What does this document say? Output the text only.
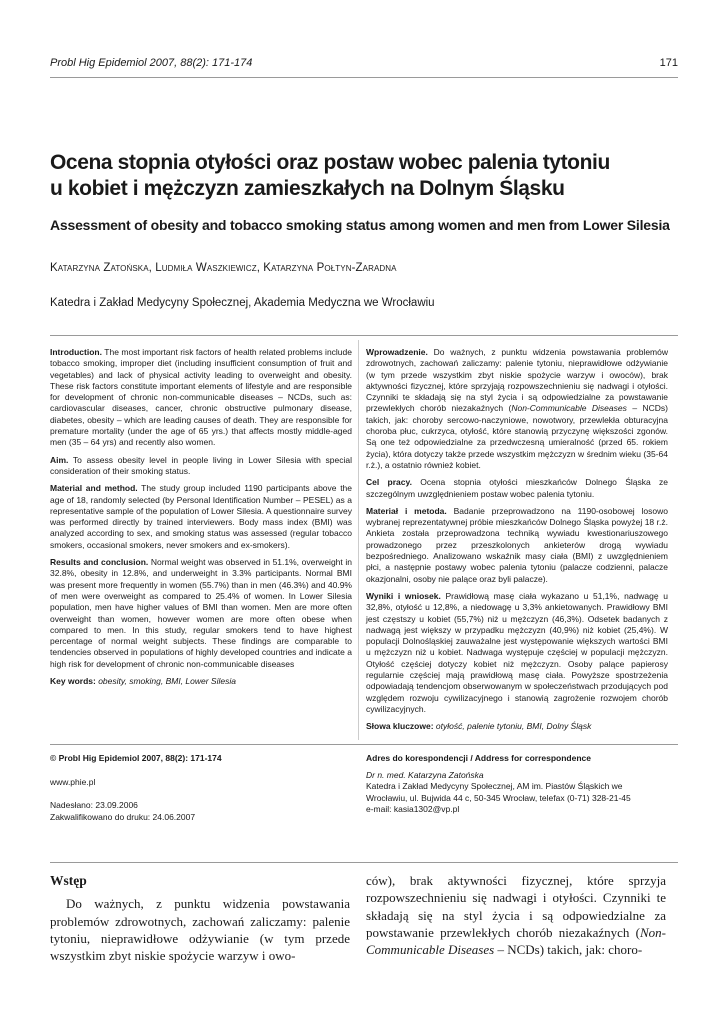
Probl Hig Epidemiol 2007, 88(2): 171-174	171
Ocena stopnia otyłości oraz postaw wobec palenia tytoniu
u kobiet i mężczyzn zamieszkałych na Dolnym Śląsku
Assessment of obesity and tobacco smoking status among women and men from Lower Silesia
Katarzyna Zatońska, Ludmiła Waszkiewicz, Katarzyna Połtyn-Zaradna
Katedra i Zakład Medycyny Społecznej, Akademia Medyczna we Wrocławiu

Introduction. The most important risk factors of health related problems include tobacco smoking, improper diet (including insufficient consumption of fruit and vegetables) and lack of physical activity leading to overweight and obesity. These risk factors constitute important elements of lifestyle and are responsible for development of chronic non-communicable diseases – NCDs, such as: cardiovascular diseases, cancer, chronic obstructive pulmonary disease, diabetes, obesity – which are leading causes of death. They are responsible for premature mortality (under the age of 65 yrs.) that affects mostly middle-aged men (35 – 64 yrs) and recently also women.

Aim. To assess obesity level in people living in Lower Silesia with special consideration of their smoking status.

Material and method. The study group included 1190 participants above the age of 18, randomly selected (by Personal Identification Number – PESEL) as a representative sample of the population of Lower Silesia. A questionnaire survey was performed directly by trained interviewers. Body mass index (BMI) was analyzed according to sex, and smoking status was assessed (regular tobacco smokers, occasional smokers, never smokers and ex-smokers).

Results and conclusion. Normal weight was observed in 51.1%, overweight in 32.8%, obesity in 12.8%, and underweight in 3.3% participants. Normal BMI was present more frequently in women (55.7%) than in men (46.3%) and 40.9% of men were overweight as compared to 25.4% of women. In Lower Silesia population, men have higher values of BMI than women. Men are more often overweight than women, however women are more often obese when compared to men. In this study, regular smokers tend to have highest percentage of normal weight subjects. These findings are comparable to tendencies observed in populations of highly developed countries and indicate a high risk for development of chronic non-communicable diseases

Key words: obesity, smoking, BMI, Lower Silesia

Wprowadzenie. Do ważnych, z punktu widzenia powstawania problemów zdrowotnych, zachowań zaliczamy: palenie tytoniu, nieprawidłowe odżywianie (w tym przede wszystkim zbyt niskie spożycie warzyw i owoców), brak aktywności fizycznej, które sprzyjają rozpowszechnieniu się nadwagi i otyłości. Czynniki te składają się na styl życia i są odpowiedzialne za powstawanie przewlekłych chorób niezakaźnych (Non-Communicable Diseases – NCDs) takich, jak: choroby sercowo-naczyniowe, nowotwory, przewlekła obturacyjna choroba płuc, cukrzyca, otyłość, które stanowią przyczynę większości zgonów. Są one też odpowiedzialne za przedwczesną umieralność (przed 65. rokiem życia), która dotyczy także przede wszystkim mężczyzn w średnim wieku (35-64 r.ż.), a ostatnio również kobiet.

Cel pracy. Ocena stopnia otyłości mieszkańców Dolnego Śląska ze szczególnym uwzględnieniem postaw wobec palenia tytoniu.

Materiał i metoda. Badanie przeprowadzono na 1190-osobowej losowo wybranej reprezentatywnej próbie mieszkańców Dolnego Śląska powyżej 18 r.ż. Ankieta została przeprowadzona techniką wywiadu kwestionariuszowego prowadzonego przez przeszkolonych ankieterów drogą wywiadu bezpośredniego. Analizowano wskaźnik masy ciała (BMI) z uwzględnieniem płci, a następnie postawy wobec palenia tytoniu (palacze codzienni, palacze okazjonalni, osoby nie palące oraz byli palacze).

Wyniki i wniosek. Prawidłową masę ciała wykazano u 51,1%, nadwagę u 32,8%, otyłość u 12,8%, a niedowagę u 3,3% ankietowanych. Prawidłowy BMI jest częstszy u kobiet (55,7%) niż u mężczyzn (46,3%). Odsetek badanych z nadwagą jest większy w przypadku mężczyzn (40,9%) niż kobiet (25,4%). W populacji Dolnośląskiej zauważalne jest występowanie większych wartości BMI u mężczyzn niż u kobiet. Nadwaga występuje częściej w populacji mężczyzn. Otyłość częściej dotyczy kobiet niż mężczyzn. Osoby palące papierosy regularnie częściej mają prawidłową masę ciała. Powyższe spostrzeżenia odpowiadają tendencjom obserwowanym w społeczeństwach przodujących pod względem rozwoju cywilizacyjnego i stanowią zagrożenie rozwojem chorób cywilizacyjnych.

Słowa kluczowe: otyłość, palenie tytoniu, BMI, Dolny Śląsk

© Probl Hig Epidemiol 2007, 88(2): 171-174
www.phie.pl
Nadesłano: 23.09.2006
Zakwalifikowano do druku: 24.06.2007
Adres do korespondencji / Address for correspondence
Dr n. med. Katarzyna Zatońska
Katedra i Zakład Medycyny Społecznej, AM im. Piastów Śląskich we
Wrocławiu, ul. Bujwida 44 c, 50-345 Wrocław, telefax (0-71) 328-21-45
e-mail: kasia1302@vp.pl
Wstęp

Do ważnych, z punktu widzenia powstawania problemów zdrowotnych, zachowań zaliczamy: palenie tytoniu, nieprawidłowe odżywianie (w tym przede wszystkim zbyt niskie spożycie warzyw i owo-

ców), brak aktywności fizycznej, które sprzyja rozpowszechnieniu się nadwagi i otyłości. Czynniki te składają się na styl życia i są odpowiedzialne za powstawanie przewlekłych chorób niezakaźnych (Non-Communicable Diseases – NCDs) takich, jak: choro-
